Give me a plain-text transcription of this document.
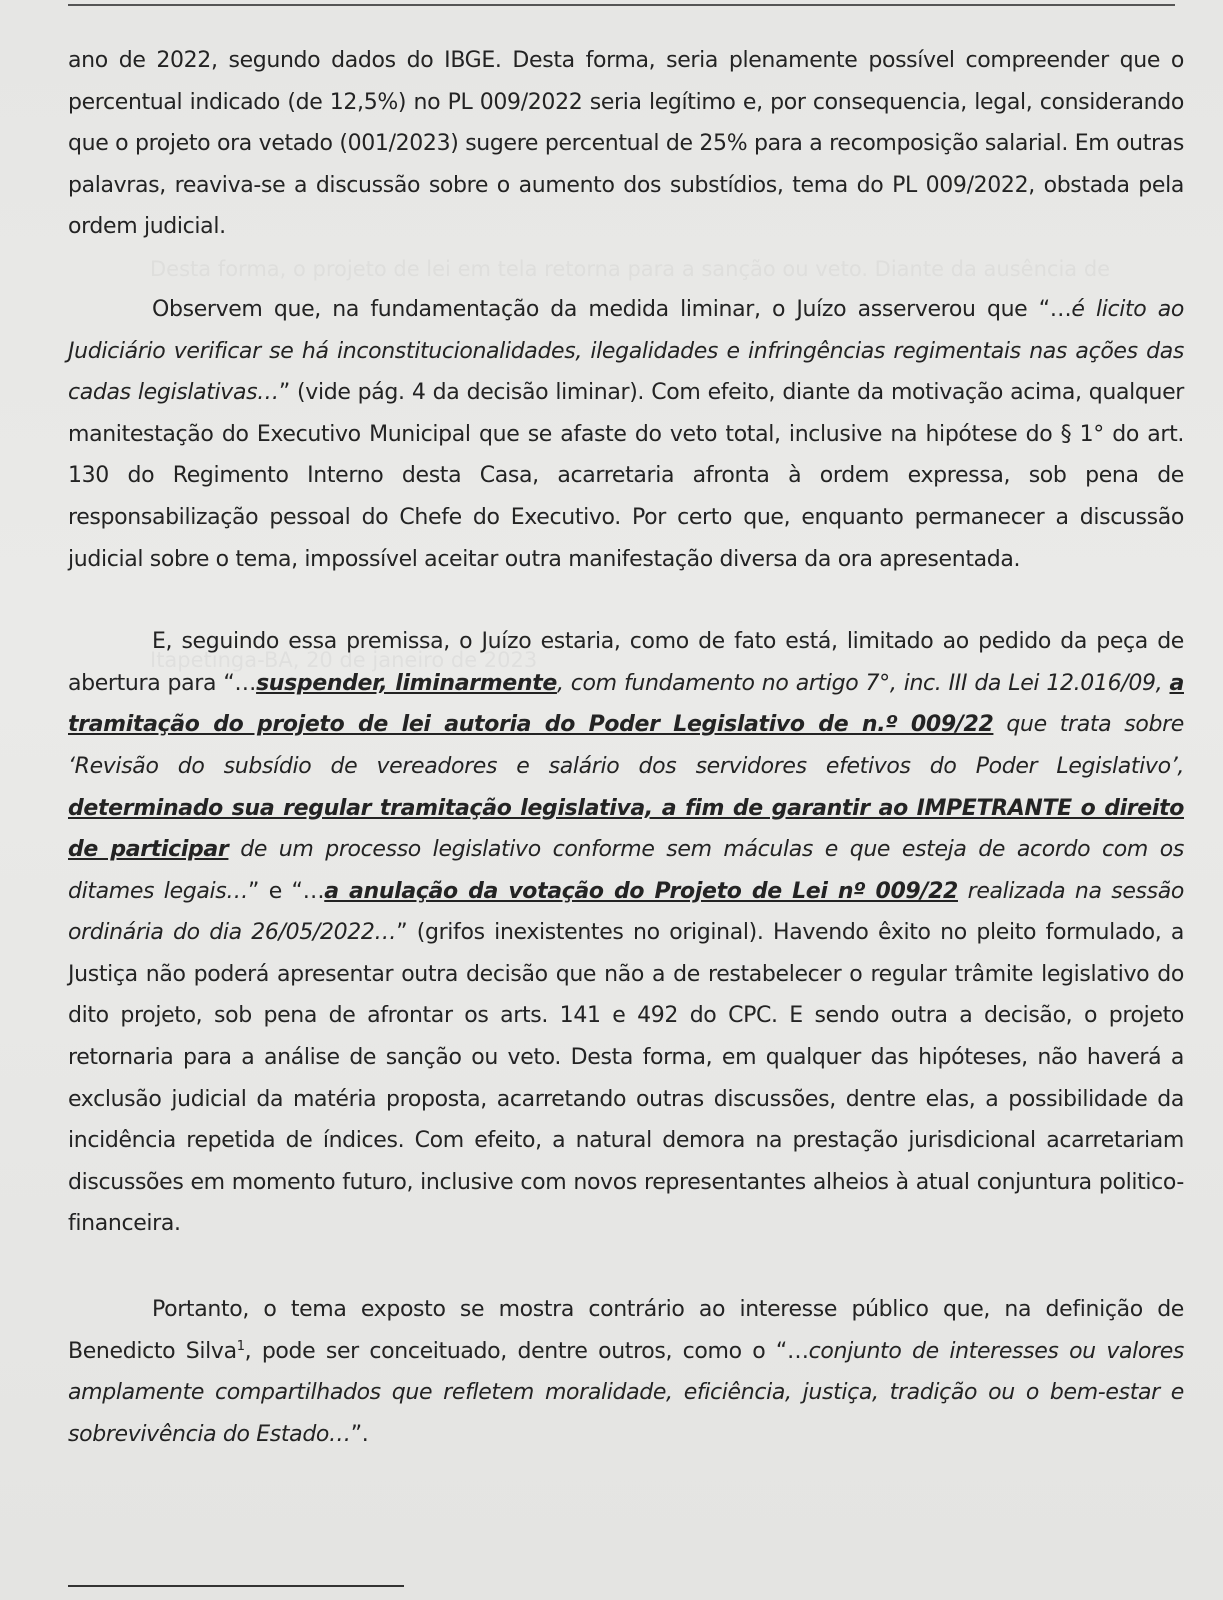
ano de 2022, segundo dados do IBGE. Desta forma, seria plenamente possível compreender que o percentual indicado (de 12,5%) no PL 009/2022 seria legítimo e, por consequencia, legal, considerando que o projeto ora vetado (001/2023) sugere percentual de 25% para a recomposição salarial. Em outras palavras, reaviva-se a discussão sobre o aumento dos substídios, tema do PL 009/2022, obstada pela ordem judicial.

Observem que, na fundamentação da medida liminar, o Juízo asserverou que “…é licito ao Judiciário verificar se há inconstitucionalidades, ilegalidades e infringências regimentais nas ações das cadas legislativas…” (vide pág. 4 da decisão liminar). Com efeito, diante da motivação acima, qualquer manitestação do Executivo Municipal que se afaste do veto total, inclusive na hipótese do § 1° do art. 130 do Regimento Interno desta Casa, acarretaria afronta à ordem expressa, sob pena de responsabilização pessoal do Chefe do Executivo. Por certo que, enquanto permanecer a discussão judicial sobre o tema, impossível aceitar outra manifestação diversa da ora apresentada.

E, seguindo essa premissa, o Juízo estaria, como de fato está, limitado ao pedido da peça de abertura para “…suspender, liminarmente, com fundamento no artigo 7°, inc. III da Lei 12.016/09, a tramitação do projeto de lei autoria do Poder Legislativo de n.º 009/22 que trata sobre ‘Revisão do subsídio de vereadores e salário dos servidores efetivos do Poder Legislativo’, determinado sua regular tramitação legislativa, a fim de garantir ao IMPETRANTE o direito de participar de um processo legislativo conforme sem máculas e que esteja de acordo com os ditames legais…” e “…a anulação da votação do Projeto de Lei nº 009/22 realizada na sessão ordinária do dia 26/05/2022…” (grifos inexistentes no original). Havendo êxito no pleito formulado, a Justiça não poderá apresentar outra decisão que não a de restabelecer o regular trâmite legislativo do dito projeto, sob pena de afrontar os arts. 141 e 492 do CPC. E sendo outra a decisão, o projeto retornaria para a análise de sanção ou veto. Desta forma, em qualquer das hipóteses, não haverá a exclusão judicial da matéria proposta, acarretando outras discussões, dentre elas, a possibilidade da incidência repetida de índices. Com efeito, a natural demora na prestação jurisdicional acarretariam discussões em momento futuro, inclusive com novos representantes alheios à atual conjuntura politico-financeira.

Portanto, o tema exposto se mostra contrário ao interesse público que, na definição de Benedicto Silva$^1$, pode ser conceituado, dentre outros, como o “…conjunto de interesses ou valores amplamente compartilhados que refletem moralidade, eficiência, justiça, tradição ou o bem-estar e sobrevivência do Estado…”.
